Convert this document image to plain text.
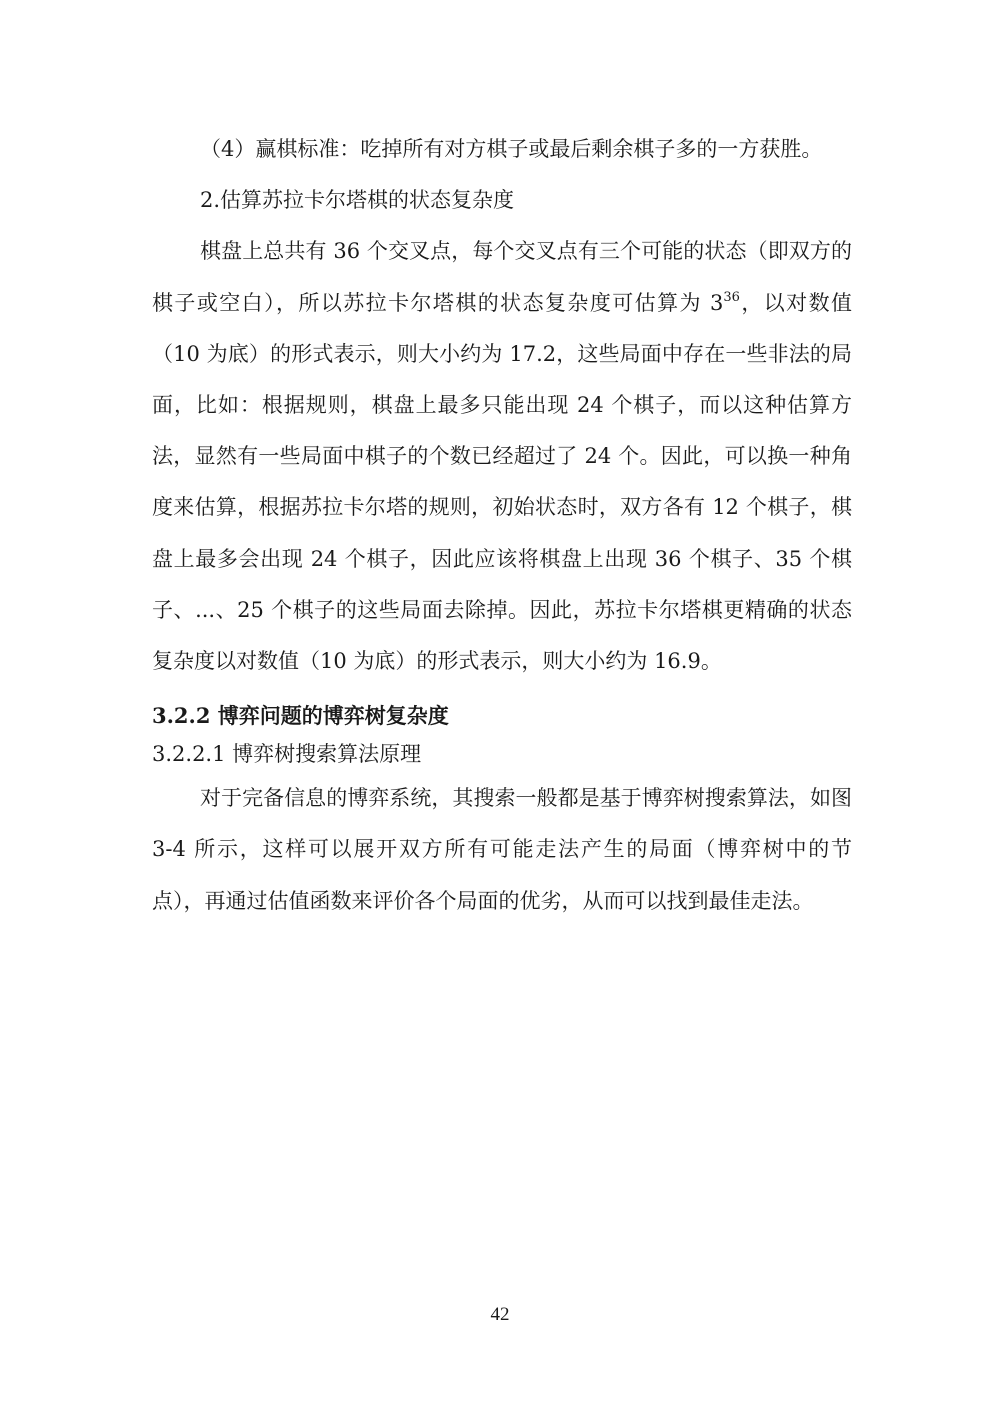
（4）赢棋标准：吃掉所有对方棋子或最后剩余棋子多的一方获胜。

2.估算苏拉卡尔塔棋的状态复杂度

棋盘上总共有 36 个交叉点，每个交叉点有三个可能的状态（即双方的棋子或空白），所以苏拉卡尔塔棋的状态复杂度可估算为 $3^{36}$，以对数值（10 为底）的形式表示，则大小约为 17.2，这些局面中存在一些非法的局面，比如：根据规则，棋盘上最多只能出现 24 个棋子，而以这种估算方法，显然有一些局面中棋子的个数已经超过了 24 个。因此，可以换一种角度来估算，根据苏拉卡尔塔的规则，初始状态时，双方各有 12 个棋子，棋盘上最多会出现 24 个棋子，因此应该将棋盘上出现 36 个棋子、35 个棋子、...、25 个棋子的这些局面去除掉。因此，苏拉卡尔塔棋更精确的状态复杂度以对数值（10 为底）的形式表示，则大小约为 16.9。

3.2.2 博弈问题的博弈树复杂度

3.2.2.1 博弈树搜索算法原理

对于完备信息的博弈系统，其搜索一般都是基于博弈树搜索算法，如图 3-4 所示，这样可以展开双方所有可能走法产生的局面（博弈树中的节点），再通过估值函数来评价各个局面的优劣，从而可以找到最佳走法。

42
